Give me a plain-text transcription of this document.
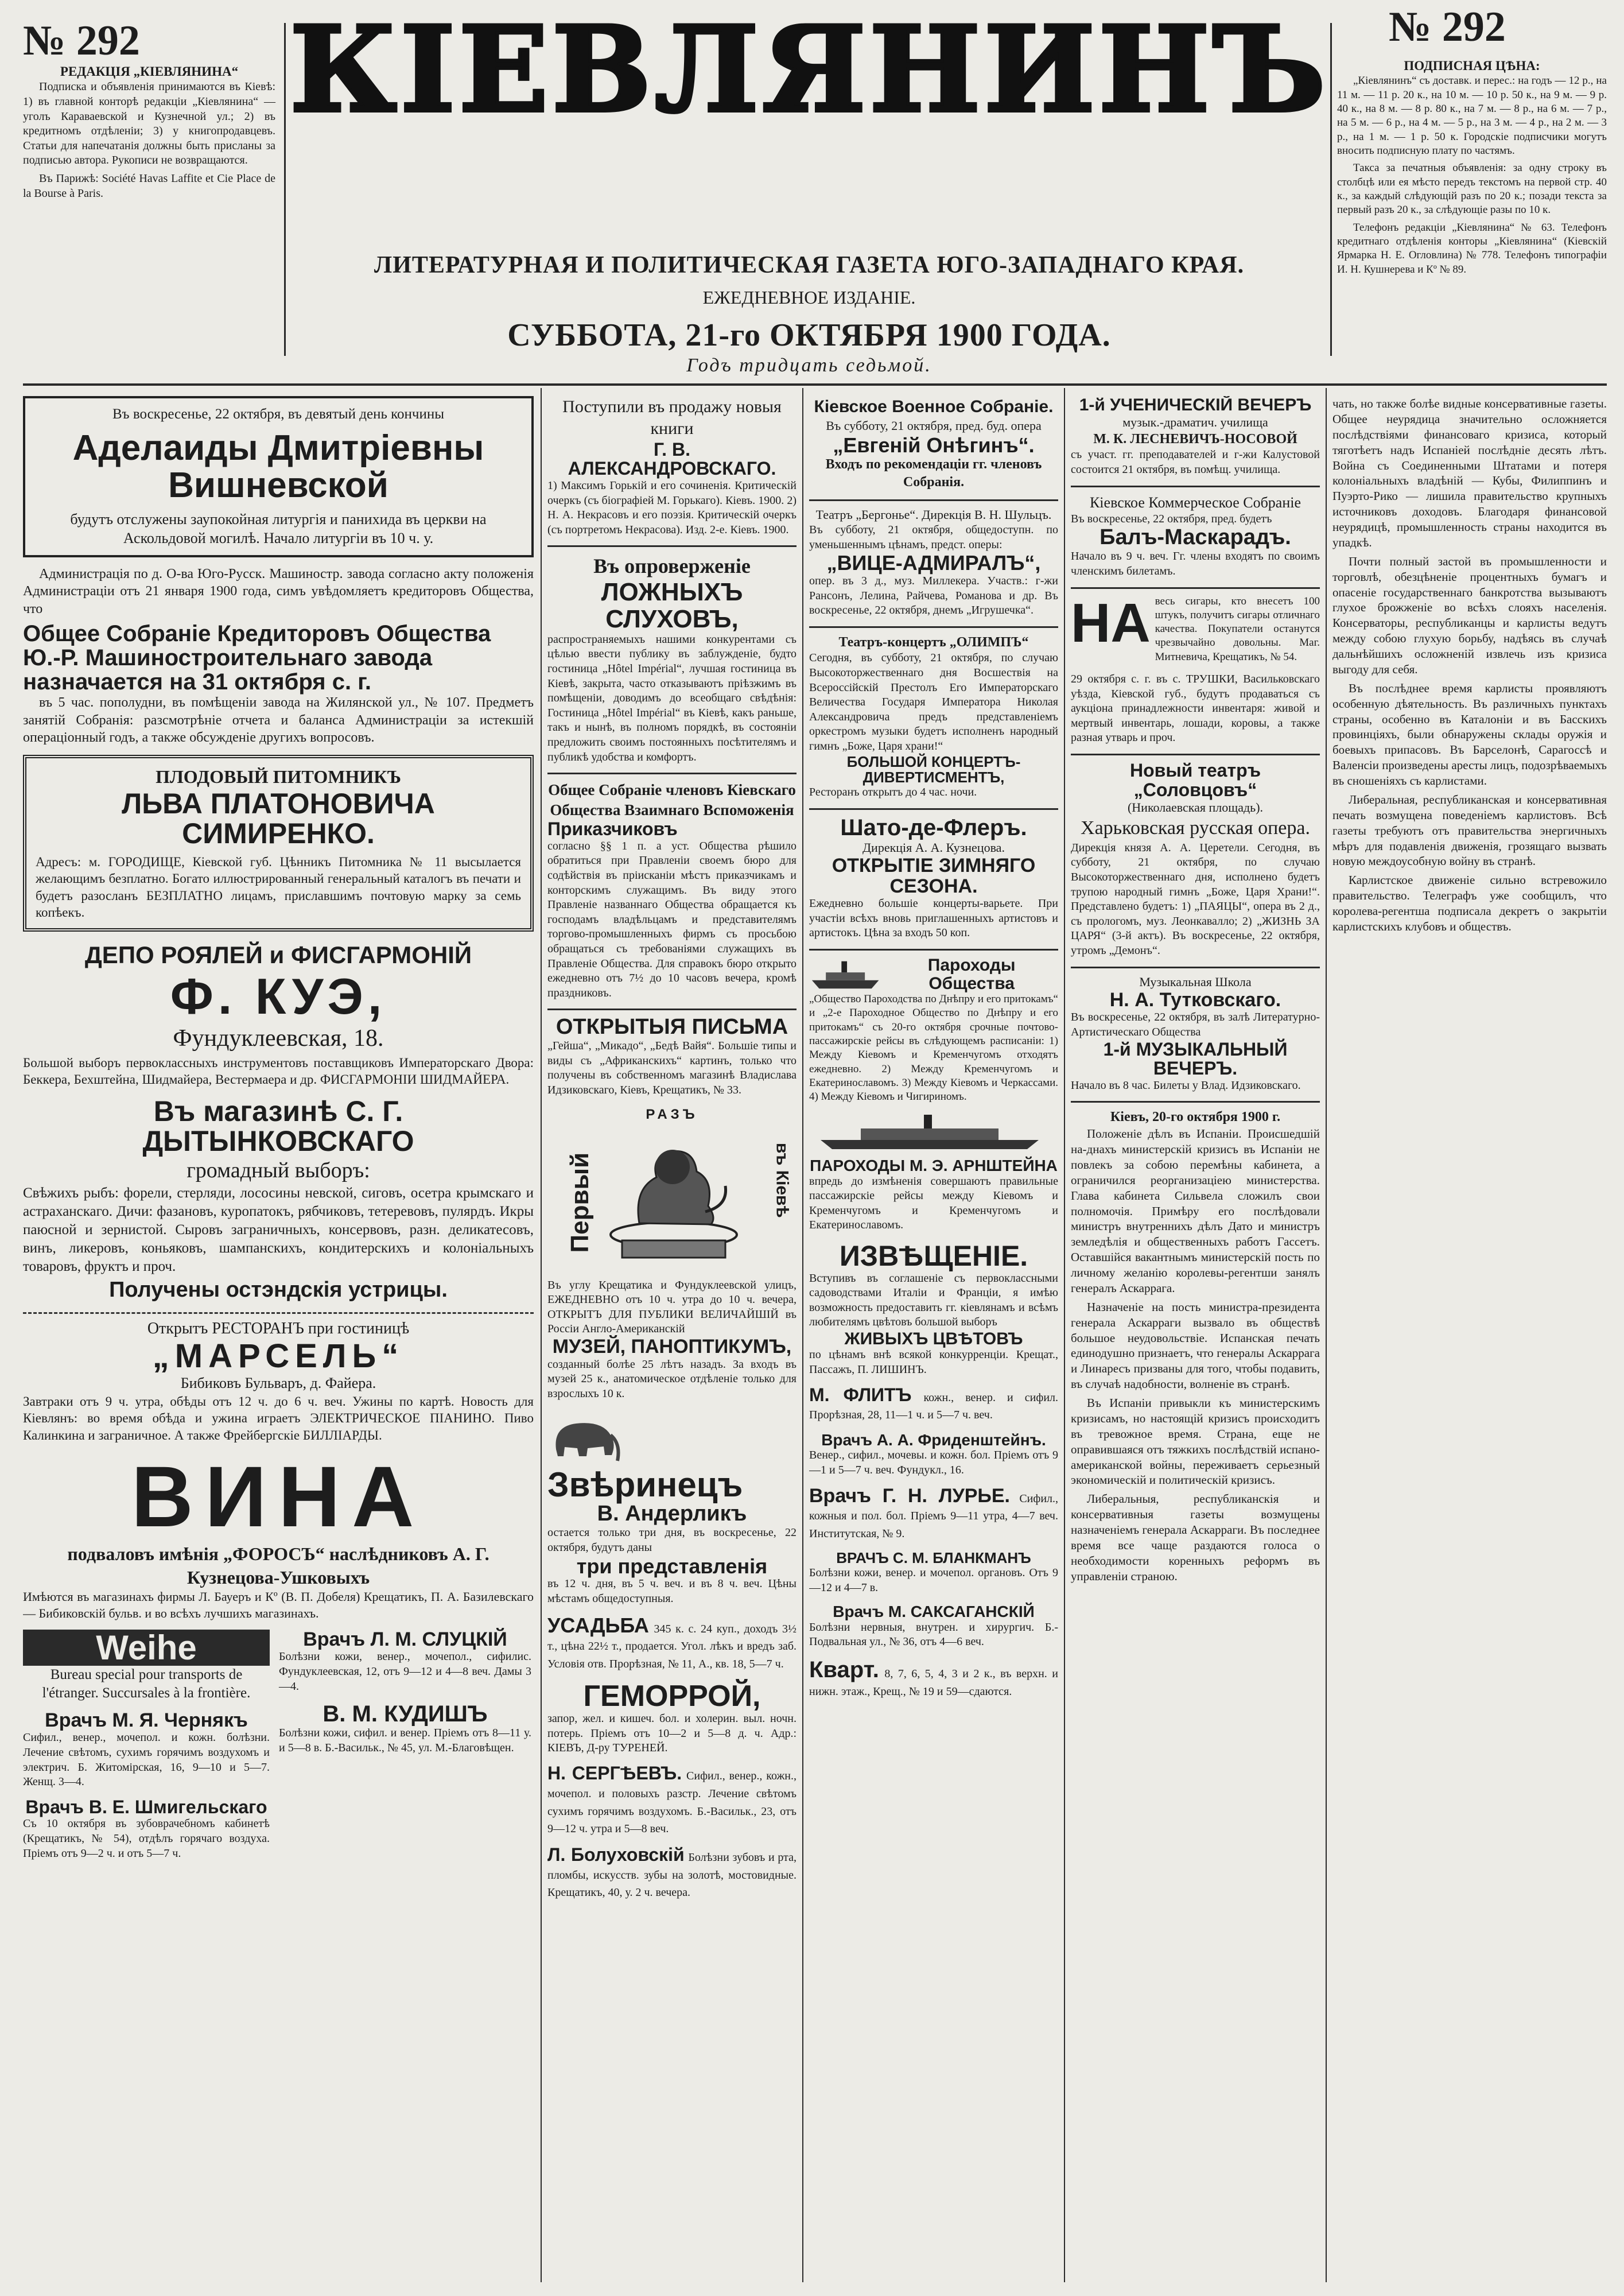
№ 292	№ 292
РЕДАКЦІЯ „КІЕВЛЯНИНА“

Подписка и объявленія принимаются въ Кіевѣ: 1) въ главной конторѣ редакціи „Кіевлянина“ — уголъ Караваевской и Кузнечной ул.; 2) въ кредитномъ отдѣленіи; 3) у книгопродавцевъ. Статьи для напечатанія должны быть присланы за подписью автора. Рукописи не возвращаются.

Въ Парижѣ: Société Havas Laffite et Cie Place de la Bourse à Paris.

КІЕВЛЯНИНЪ
ЛИТЕРАТУРНАЯ И ПОЛИТИЧЕСКАЯ ГАЗЕТА ЮГО-ЗАПАДНАГО КРАЯ.
ЕЖЕДНЕВНОЕ ИЗДАНІЕ.
СУББОТА, 21-го ОКТЯБРЯ 1900 ГОДА.
Годъ тридцать седьмой.
ПОДПИСНАЯ ЦѢНА:

„Кіевлянинъ“ съ доставк. и перес.: на годъ — 12 р., на 11 м. — 11 р. 20 к., на 10 м. — 10 р. 50 к., на 9 м. — 9 р. 40 к., на 8 м. — 8 р. 80 к., на 7 м. — 8 р., на 6 м. — 7 р., на 5 м. — 6 р., на 4 м. — 5 р., на 3 м. — 4 р., на 2 м. — 3 р., на 1 м. — 1 р. 50 к. Городскіе подписчики могутъ вносить подписную плату по частямъ.

Такса за печатныя объявленія: за одну строку въ столбцѣ или ея мѣсто передъ текстомъ на первой стр. 40 к., за каждый слѣдующій разъ по 20 к.; позади текста за первый разъ 20 к., за слѣдующіе разы по 10 к.

Телефонъ редакціи „Кіевлянина“ № 63. Телефонъ кредитнаго отдѣленія конторы „Кіевлянина“ (Кіевскій Ярмарка Н. Е. Огловлина) № 778. Телефонъ типографіи И. Н. Кушнерева и Кº № 89.

Въ воскресенье, 22 октября, въ девятый день кончины
Аделаиды Дмитріевны Вишневской
будутъ отслужены заупокойная литургія и панихида въ церкви на Аскольдовой могилѣ. Начало литургіи въ 10 ч. у.

Администрація по д. О-ва Юго-Русск. Машиностр. завода согласно акту положенія Администраціи отъ 21 января 1900 года, симъ увѣдомляетъ кредиторовъ Общества, что

Общее Собраніе Кредиторовъ Общества Ю.-Р. Машиностроительнаго завода назначается на 31 октября с. г.

въ 5 час. пополудни, въ помѣщеніи завода на Жилянской ул., № 107. Предметъ занятій Собранія: разсмотрѣніе отчета и баланса Администраціи за истекшій операціонный годъ, а также обсужденіе другихъ вопросовъ.

ПЛОДОВЫЙ ПИТОМНИКЪ
ЛЬВА ПЛАТОНОВИЧА СИМИРЕНКО.
Адресъ: м. ГОРОДИЩЕ, Кіевской губ. Цѣнникъ Питомника № 11 высылается желающимъ безплатно. Богато иллюстрированный генеральный каталогъ въ печати и будетъ разосланъ БЕЗПЛАТНО лицамъ, приславшимъ почтовую марку за семь копѣекъ.
ДЕПО РОЯЛЕЙ и ФИСГАРМОНІЙ
Ф. КУЭ,
Фундуклеевская, 18.
Большой выборъ первоклассныхъ инструментовъ поставщиковъ Императорскаго Двора: Беккера, Бехштейна, Шидмайера, Вестермаера и др. ФИСГАРМОНІИ ШИДМАЙЕРА.
Въ магазинѣ С. Г. ДЫТЫНКОВСКАГО
громадный выборъ:
Свѣжихъ рыбъ: форели, стерляди, лососины невской, сиговъ, осетра крымскаго и астраханскаго. Дичи: фазановъ, куропатокъ, рябчиковъ, тетеревовъ, пулярдъ. Икры паюсной и зернистой. Сыровъ заграничныхъ, консервовъ, разн. деликатесовъ, винъ, ликеровъ, коньяковъ, шампанскихъ, кондитерскихъ и колоніальныхъ товаровъ, фруктъ и проч.
Получены остэндскія устрицы.
Открытъ РЕСТОРАНЪ при гостиницѣ
„МАРСЕЛЬ“
Бибиковъ Бульваръ, д. Файера.
Завтраки отъ 9 ч. утра, обѣды отъ 12 ч. до 6 ч. веч. Ужины по картѣ. Новость для Кіевлянъ: во время обѣда и ужина играетъ ЭЛЕКТРИЧЕСКОЕ ПІАНИНО. Пиво Калинкина и заграничное. А также Фрейбергскіе БИЛЛІАРДЫ.
ВИНА
подваловъ имѣнія „ФОРОСЪ“ наслѣдниковъ А. Г. Кузнецова-Ушковыхъ
Имѣются въ магазинахъ фирмы Л. Бауеръ и Кº (В. П. Добеля) Крещатикъ, П. А. Базилевскаго — Бибиковскій бульв. и во всѣхъ лучшихъ магазинахъ.
Weihe
Bureau special pour transports de l'étranger. Succursales à la frontière.
Врачъ М. Я. Чернякъ
Сифил., венер., мочепол. и кожн. болѣзни. Лечение свѣтомъ, сухимъ горячимъ воздухомъ и электрич. Б. Житомірская, 16, 9—10 и 5—7. Женщ. 3—4.
Врачъ В. Е. Шмигельскаго
Съ 10 октября въ зубоврачебномъ кабинетѣ (Крещатикъ, № 54), отдѣлъ горячаго воздуха. Пріемъ отъ 9—2 ч. и отъ 5—7 ч.
Врачъ Л. М. СЛУЦКІЙ
Болѣзни кожи, венер., мочепол., сифилис. Фундуклеевская, 12, отъ 9—12 и 4—8 веч. Дамы 3—4.
В. М. КУДИШЪ
Болѣзни кожи, сифил. и венер. Пріемъ отъ 8—11 у. и 5—8 в. Б.-Васильк., № 45, ул. М.-Благовѣщен.
Поступили въ продажу новыя книги
Г. В. АЛЕКСАНДРОВСКАГО.
1) Максимъ Горькій и его сочиненія. Критическій очеркъ (съ біографіей М. Горькаго). Кіевъ. 1900. 2) Н. А. Некрасовъ и его поэзія. Критическій очеркъ (съ портретомъ Некрасова). Изд. 2-е. Кіевъ. 1900.
Въ опроверженіе
ЛОЖНЫХЪ СЛУХОВЪ,
распространяемыхъ нашими конкурентами съ цѣлью ввести публику въ заблужденіе, будто гостиница „Hôtel Impérial“, лучшая гостиница въ Кіевѣ, закрыта, часто отказываютъ пріѣзжимъ въ помѣщеніи, доводимъ до всеобщаго свѣдѣнія: Гостиница „Hôtel Impérial“ въ Кіевѣ, какъ раньше, такъ и нынѣ, въ полномъ порядкѣ, въ состояніи предложить своимъ постоянныхъ посѣтителямъ и публикѣ удобства и комфортъ.
Общее Собраніе членовъ Кіевскаго Общества Взаимнаго Вспоможенія
Приказчиковъ
согласно §§ 1 п. а уст. Общества рѣшило обратиться при Правленіи своемъ бюро для содѣйствія въ пріисканіи мѣстъ приказчикамъ и конторскимъ служащимъ. Въ виду этого Правленіе названнаго Общества обращается къ господамъ владѣльцамъ и представителямъ торгово-промышленныхъ фирмъ съ просьбою обращаться съ требованіями служащихъ въ Правленіе Общества. Для справокъ бюро открыто ежедневно отъ 7½ до 10 часовъ вечера, кромѣ праздниковъ.
ОТКРЫТЫЯ ПИСЬМА
„Гейша“, „Микадо“, „Бедѣ Вайя“. Большіе типы и виды съ „Африканскихъ“ картинъ, только что получены въ собственномъ магазинѣ Владислава Идзиковскаго, Кіевъ, Крещатикъ, № 33.
РАЗЪ
Первый	въ Кіевѣ
Въ углу Крещатика и Фундуклеевской улицъ, ЕЖЕДНЕВНО отъ 10 ч. утра до 10 ч. вечера, ОТКРЫТЪ ДЛЯ ПУБЛИКИ ВЕЛИЧАЙШІЙ въ Россіи Англо-Американскій
МУЗЕЙ, ПАНОПТИКУМЪ,
созданный болѣе 25 лѣтъ назадъ. За входъ въ музей 25 к., анатомическое отдѣленіе только для взрослыхъ 10 к.
Звѣринецъ
В. Андерликъ
остается только три дня, въ воскресенье, 22 октября, будутъ даны
три представленія
въ 12 ч. дня, въ 5 ч. веч. и въ 8 ч. веч. Цѣны мѣстамъ общедоступныя.
УСАДЬБА 345 к. с. 24 куп., доходъ 3½ т., цѣна 22½ т., продается. Угол. лѣкъ и вредъ заб. Условія отв. Прорѣзная, № 11, А., кв. 18, 5—7 ч.
ГЕМОРРОЙ,
запор, жел. и кишеч. бол. и холерин. выл. ночн. потерь. Пріемъ отъ 10—2 и 5—8 д. ч. Адр.: КІЕВЪ, Д-ру ТУРЕНЕЙ.
Н. СЕРГѢЕВЪ. Сифил., венер., кожн., мочепол. и половыхъ разстр. Лечение свѣтомъ сухимъ горячимъ воздухомъ. Б.-Васильк., 23, отъ 9—12 ч. утра и 5—8 веч.
Л. Болуховскій Болѣзни зубовъ и рта, пломбы, искусств. зубы на золотѣ, мостовидные. Крещатикъ, 40, у. 2 ч. вечера.
Кіевское Военное Собраніе.
Въ субботу, 21 октября, пред. буд. опера
„Евгеній Онѣгинъ“.
Входъ по рекомендаціи гг. членовъ Собранія.
Театръ „Бергонье“. Дирекція В. Н. Шульцъ.
Въ субботу, 21 октября, общедоступн. по уменьшеннымъ цѣнамъ, предст. оперы:
„ВИЦЕ-АДМИРАЛЪ“,
опер. въ 3 д., муз. Миллекера. Участв.: г-жи Рансонъ, Лелина, Райчева, Романова и др. Въ воскресенье, 22 октября, днемъ „Игрушечка“.
Театръ-концертъ „ОЛИМПЪ“
Сегодня, въ субботу, 21 октября, по случаю Высокоторжественнаго дня Восшествія на Всероссійскій Престолъ Его Императорскаго Величества Государя Императора Николая Александровича предъ представленіемъ оркестромъ музыки будетъ исполненъ народный гимнъ „Боже, Царя храни!“
БОЛЬШОЙ КОНЦЕРТЪ-ДИВЕРТИСМЕНТЪ,
Ресторанъ открытъ до 4 час. ночи.
Шато-де-Флеръ.
Дирекція А. А. Кузнецова.
ОТКРЫТІЕ ЗИМНЯГО СЕЗОНА.
Ежедневно большіе концерты-варьете. При участіи всѣхъ вновь приглашенныхъ артистовъ и артистокъ. Цѣна за входъ 50 коп.
Пароходы Общества
„Общество Пароходства по Днѣпру и его притокамъ“ и „2-е Пароходное Общество по Днѣпру и его притокамъ“ съ 20-го октября срочные почтово-пассажирскіе рейсы въ слѣдующемъ расписаніи: 1) Между Кіевомъ и Кременчугомъ отходятъ ежедневно. 2) Между Кременчугомъ и Екатеринославомъ. 3) Между Кіевомъ и Черкассами. 4) Между Кіевомъ и Чигириномъ.
ПАРОХОДЫ М. Э. АРНШТЕЙНА
впредь до измѣненія совершаютъ правильные пассажирскіе рейсы между Кіевомъ и Кременчугомъ и Кременчугомъ и Екатеринославомъ.
ИЗВѢЩЕНІЕ.
Вступивъ въ соглашеніе съ первоклассными садоводствами Италіи и Франціи, я имѣю возможность предоставить гг. кіевлянамъ и всѣмъ любителямъ цвѣтовъ большой выборъ
ЖИВЫХЪ ЦВѢТОВЪ
по цѣнамъ внѣ всякой конкурренціи. Крещат., Пассажъ, П. ЛИШИНЪ.
М. ФЛИТЪ кожн., венер. и сифил. Прорѣзная, 28, 11—1 ч. и 5—7 ч. веч.
Врачъ А. А. Фриденштейнъ.
Венер., сифил., мочевы. и кожн. бол. Пріемъ отъ 9—1 и 5—7 ч. веч. Фундукл., 16.
Врачъ Г. Н. ЛУРЬЕ. Сифил., кожныя и пол. бол. Пріемъ 9—11 утра, 4—7 веч. Институтская, № 9.
ВРАЧЪ С. М. БЛАНКМАНЪ
Болѣзни кожи, венер. и мочепол. органовъ. Отъ 9—12 и 4—7 в.
Врачъ М. САКСАГАНСКІЙ
Болѣзни нервныя, внутрен. и хирургич. Б.-Подвальная ул., № 36, отъ 4—6 веч.
Кварт. 8, 7, 6, 5, 4, 3 и 2 к., въ верхн. и нижн. этаж., Крещ., № 19 и 59—сдаются.
1-й УЧЕНИЧЕСКІЙ ВЕЧЕРЪ
музык.-драматич. училища
М. К. ЛЕСНЕВИЧЪ-НОСОВОЙ
съ участ. гг. преподавателей и г-жи Калустовой состоится 21 октября, въ помѣщ. училища.
Кіевское Коммерческое Собраніе
Въ воскресенье, 22 октября, пред. будетъ
Балъ-Маскарадъ.
Начало въ 9 ч. веч. Гг. члены входятъ по своимъ членскимъ билетамъ.
НА весь сигары, кто внесетъ 100 штукъ, получитъ сигары отличнаго качества. Покупатели останутся чрезвычайно довольны. Маг. Митневича, Крещатикъ, № 54.
29 октября с. г. въ с. ТРУШКИ, Васильковскаго уѣзда, Кіевской губ., будутъ продаваться съ аукціона принадлежности инвентаря: живой и мертвый инвентарь, лошади, коровы, а также разная утварь и проч.
Новый театръ „Соловцовъ“
(Николаевская площадь).
Харьковская русская опера.
Дирекція князя А. А. Церетели. Сегодня, въ субботу, 21 октября, по случаю Высокоторжественнаго дня, исполнено будетъ трупою народный гимнъ „Боже, Царя Храни!“. Представлено будетъ: 1) „ПАЯЦЫ“, опера въ 2 д., съ прологомъ, муз. Леонкавалло; 2) „ЖИЗНЬ ЗА ЦАРЯ“ (3-й актъ). Въ воскресенье, 22 октября, утромъ „Демонъ“.
Музыкальная Школа
Н. А. Тутковскаго.
Въ воскресенье, 22 октября, въ залѣ Литературно-Артистическаго Общества
1-й МУЗЫКАЛЬНЫЙ ВЕЧЕРЪ.
Начало въ 8 час. Билеты у Влад. Идзиковскаго.
Кіевъ, 20-го октября 1900 г.

Положеніе дѣлъ въ Испаніи. Происшедшій на-днахъ министерскій кризисъ въ Испаніи не повлекъ за собою перемѣны кабинета, а ограничился реорганизаціею министерства. Глава кабинета Сильвела сложилъ свои полномочія. Примѣру его послѣдовали министръ внутреннихъ дѣлъ Дато и министръ земледѣлія и общественныхъ работъ Гассетъ. Оставшійся вакантнымъ министерскій пость по личному желанію королевы-регентши занялъ генералъ Аскаррага.

Назначеніе на пость министра-президента генерала Аскарраги вызвало въ обществѣ большое неудовольствіе. Испанская печать единодушно признаетъ, что генералы Аскаррага и Линаресъ призваны для того, чтобы подавить, въ случаѣ надобности, волненіе въ странѣ.

Въ Испаніи привыкли къ министерскимъ кризисамъ, но настоящій кризисъ происходитъ въ тревожное время. Страна, еще не оправившаяся отъ тяжкихъ послѣдствій испано-американской войны, переживаетъ серьезный экономическій и политическій кризисъ.

Либеральныя, республиканскія и консервативныя газеты возмущены назначеніемъ генерала Аскарраги. Въ последнее время все чаще раздаются голоса о необходимости коренныхъ реформъ въ управленіи страною.

чать, но также болѣе видные консервативные газеты. Общее неурядица значительно осложняется послѣдствіями финансоваго кризиса, который тяготѣетъ надъ Испаніей послѣдніе десять лѣтъ. Война съ Соединенными Штатами и потеря колоніальныхъ владѣній — Кубы, Филиппинъ и Пуэрто-Рико — лишила правительство крупныхъ источниковъ доходовъ. Благодаря финансовой неурядицѣ, промышленность страны находится въ упадкѣ.

Почти полный застой въ промышленности и торговлѣ, обезцѣненіе процентныхъ бумагъ и опасеніе государственнаго банкротства вызываютъ глухое брожженіе во всѣхъ слояхъ населенія. Консерваторы, республиканцы и карлисты ведутъ между собою глухую борьбу, надѣясь въ случаѣ дальнѣйшихъ осложненій извлечь изъ кризиса выгоду для себя.

Въ послѣднее время карлисты проявляютъ особенную дѣятельность. Въ различныхъ пунктахъ страны, особенно въ Каталоніи и въ Басскихъ провинціяхъ, были обнаружены склады оружія и боевыхъ припасовъ. Въ Барселонѣ, Сарагоссѣ и Валенсіи произведены аресты лицъ, подозрѣваемыхъ въ сношеніяхъ съ карлистами.

Либеральная, республиканская и консервативная печать возмущена поведеніемъ карлистовъ. Всѣ газеты требуютъ отъ правительства энергичныхъ мѣръ для подавленія движенія, грозящаго вызвать новую междоусобную войну въ странѣ.

Карлистское движеніе сильно встревожило правительство. Телеграфъ уже сообщилъ, что королева-регентша подписала декретъ о закрытіи карлистскихъ клубовъ и обществъ.
